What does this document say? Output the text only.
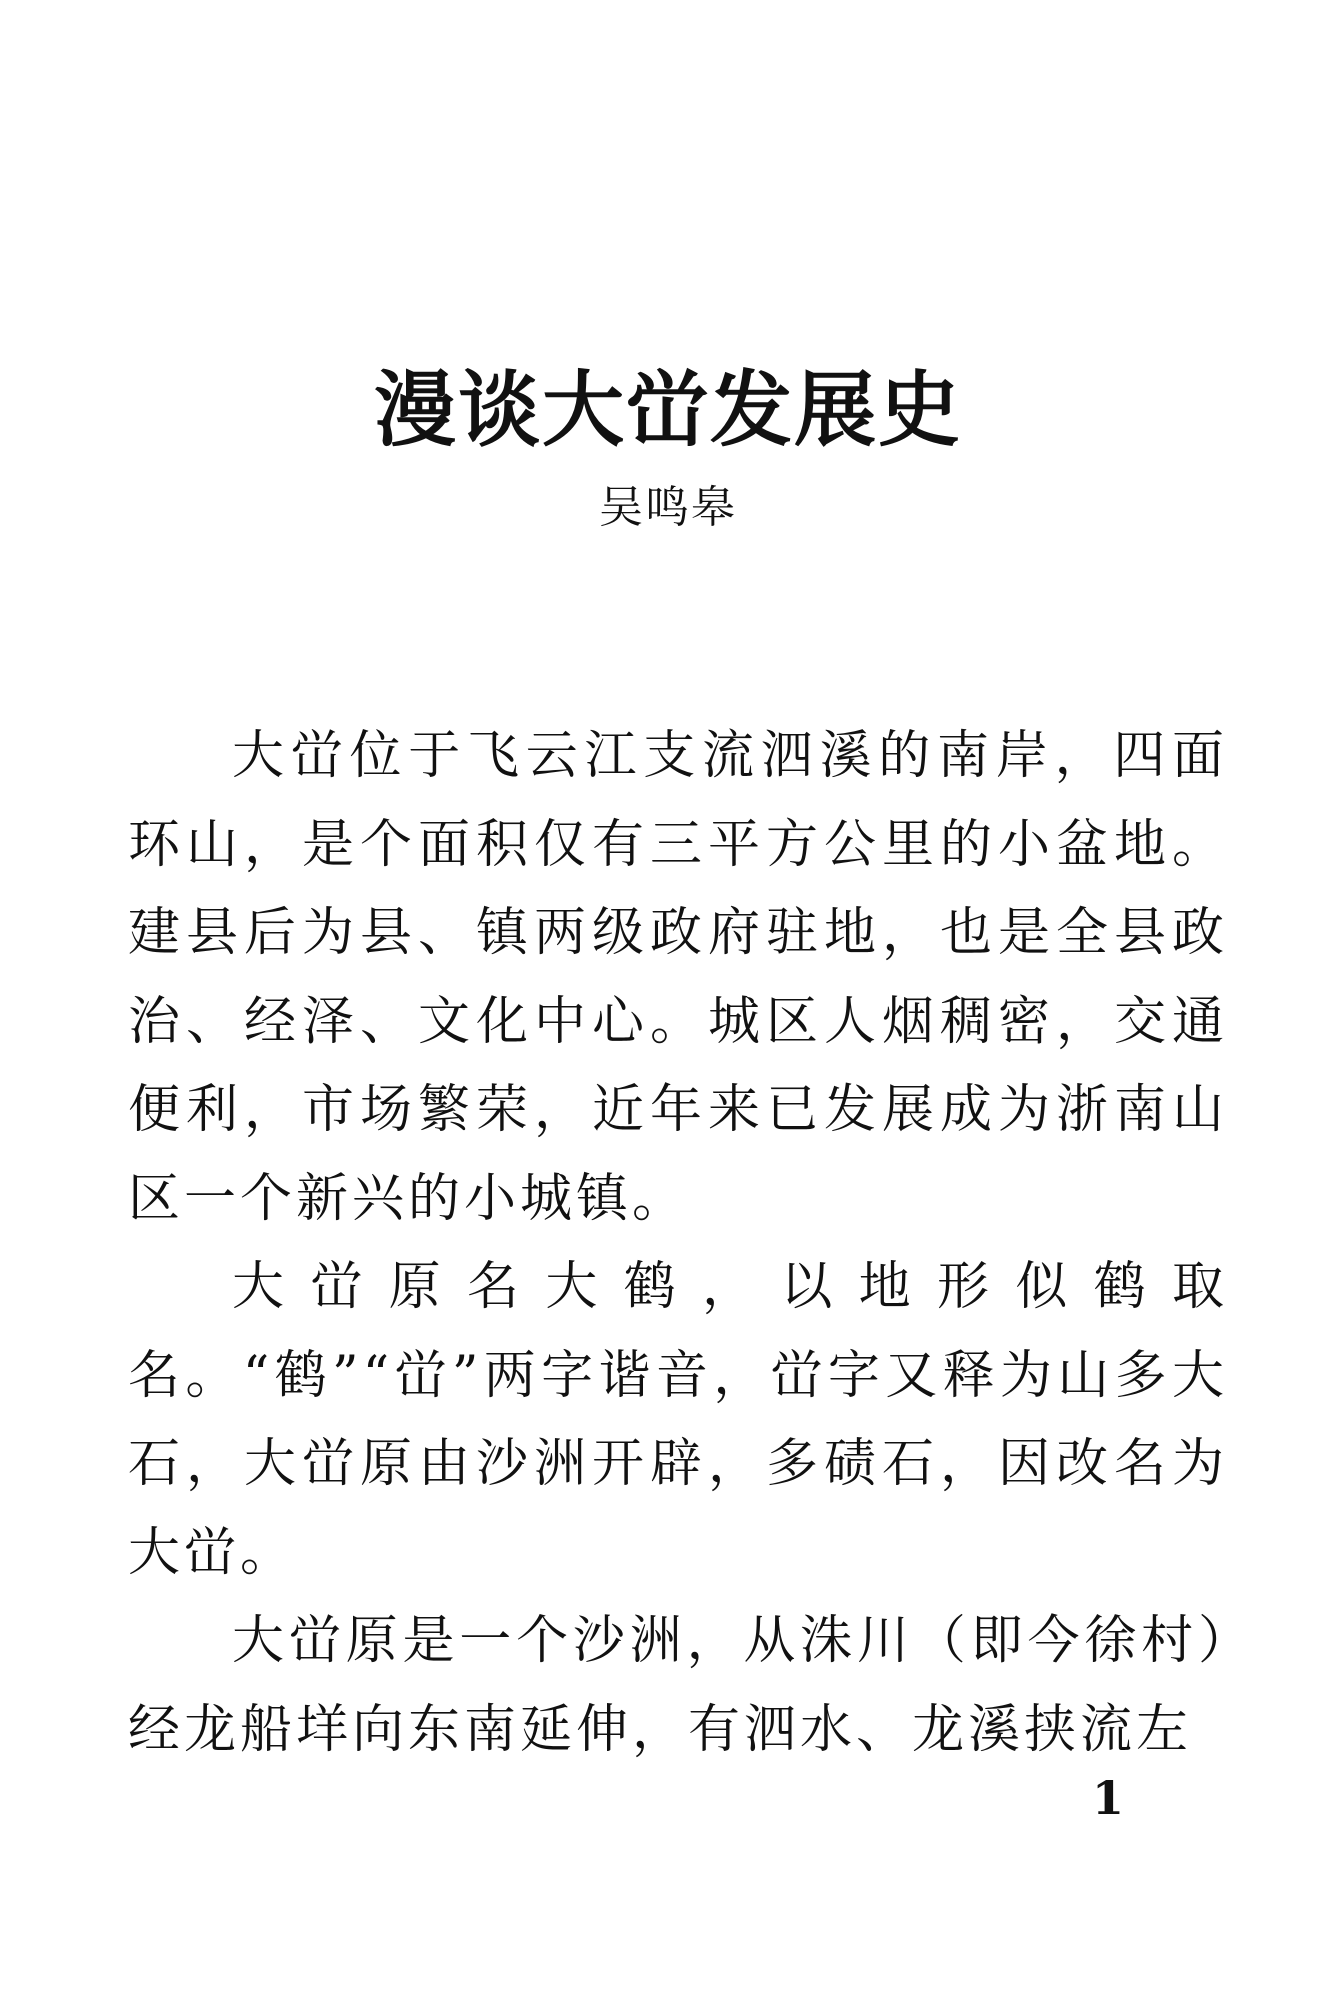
漫谈大峃发展史
吴鸣皋

大峃位于飞云江支流泗溪的南岸，四面环山，是个面积仅有三平方公里的小盆地。建县后为县、镇两级政府驻地，也是全县政治、经泽、文化中心。城区人烟稠密，交通便利，市场繁荣，近年来已发展成为浙南山区一个新兴的小城镇。

大峃原名大鹤，以地形似鹤取名。“鹤”“峃”两字谐音，峃字又释为山多大石，大峃原由沙洲开辟，多碛石，因改名为大峃。

大峃原是一个沙洲，从洙川（即今徐村）经龙船垟向东南延伸，有泗水、龙溪挟流左

1
